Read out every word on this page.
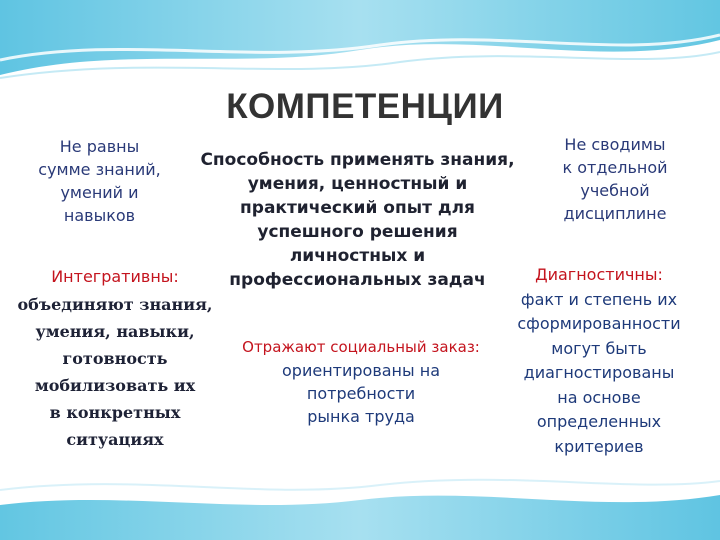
КОМПЕТЕНЦИИ
Не равны
сумме знаний,
умений и
навыков
Способность применять знания,
умения, ценностный и
практический опыт для
успешного решения
личностных и
профессиональных задач
Не сводимы
к отдельной
учебной
дисциплине
Интегративны:
объединяют знания,
умения, навыки,
готовность
мобилизовать их
в конкретных
ситуациях
Отражают социальный заказ:
ориентированы на
потребности
рынка труда
Диагностичны:
факт и степень их
сформированности
могут быть
диагностированы
на основе
определенных
критериев
